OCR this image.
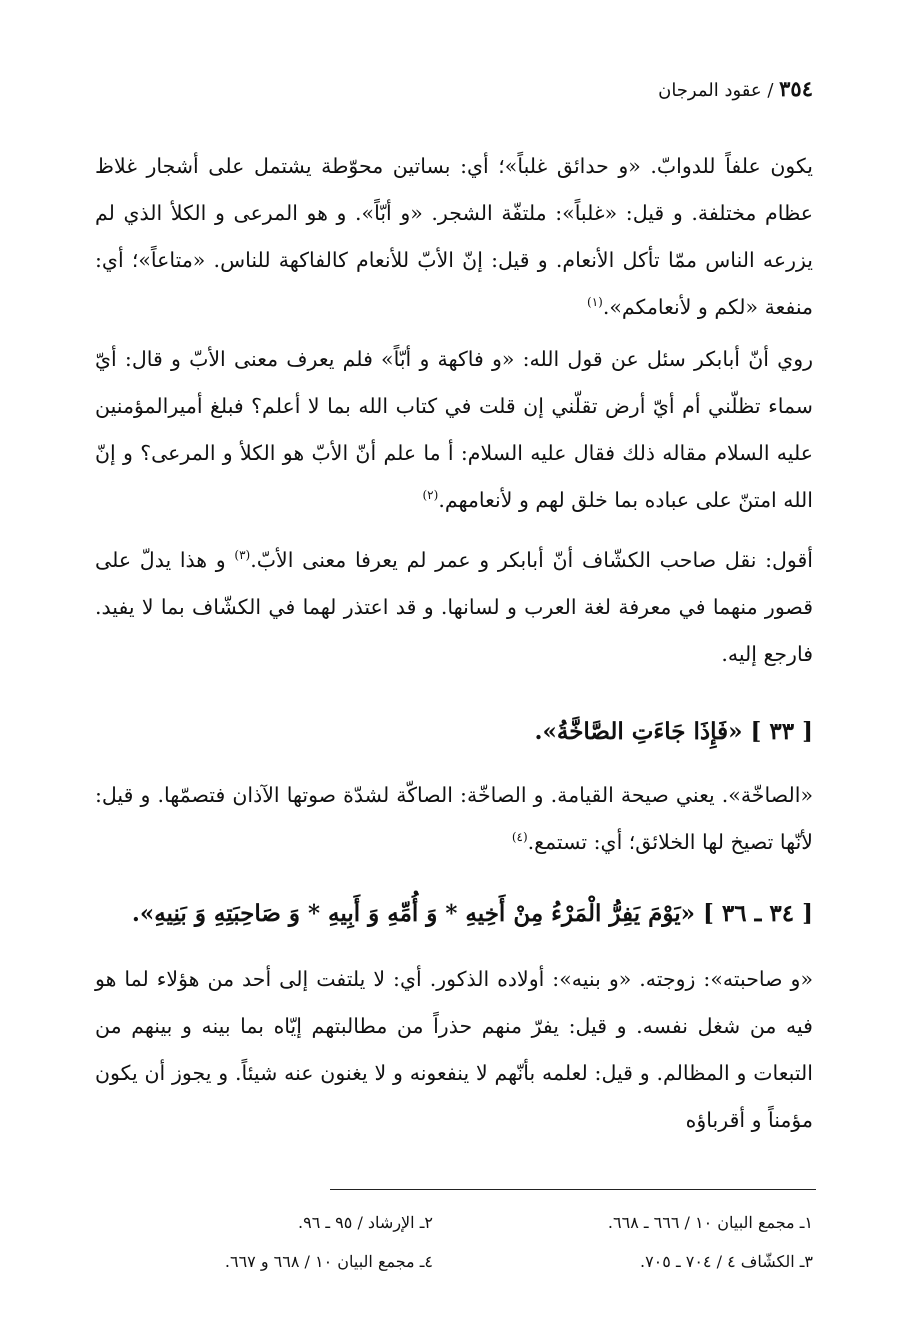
٣٥٤ / عقود المرجان
يكون علفاً للدوابّ. «و حدائق غلباً»؛ أي: بساتين محوّطة يشتمل على أشجار غلاظ عظام مختلفة. و قيل: «غلباً»: ملتفّة الشجر. «و أبّاً». و هو المرعى و الكلأ الذي لم يزرعه الناس ممّا تأكل الأنعام. و قيل: إنّ الأبّ للأنعام كالفاكهة للناس. «متاعاً»؛ أي: منفعة «لكم و لأنعامكم».$^{(١)}$
روي أنّ أبابكر سئل عن قول الله: «و فاكهة و أبّاً» فلم يعرف معنى الأبّ و قال: أيّ سماء تظلّني أم أيّ أرض تقلّني إن قلت في كتاب الله بما لا أعلم؟ فبلغ أميرالمؤمنين عليه السلام مقاله ذلك فقال عليه السلام: أ ما علم أنّ الأبّ هو الكلأ و المرعى؟ و إنّ الله امتنّ على عباده بما خلق لهم و لأنعامهم.$^{(٢)}$
أقول: نقل صاحب الكشّاف أنّ أبابكر و عمر لم يعرفا معنى الأبّ.$^{(٣)}$ و هذا يدلّ على قصور منهما في معرفة لغة العرب و لسانها. و قد اعتذر لهما في الكشّاف بما لا يفيد. فارجع إليه.
[ ٣٣ ] «فَإِذَا جَاءَتِ الصَّاخَّةُ».
«الصاخّة». يعني صيحة القيامة. و الصاخّة: الصاكّة لشدّة صوتها الآذان فتصمّها. و قيل: لأنّها تصيخ لها الخلائق؛ أي: تستمع.$^{(٤)}$
[ ٣٤ ـ ٣٦ ] «يَوْمَ يَفِرُّ الْمَرْءُ مِنْ أَخِيهِ * وَ أُمِّهِ وَ أَبِيهِ * وَ صَاحِبَتِهِ وَ بَنِيهِ».
«و صاحبته»: زوجته. «و بنيه»: أولاده الذكور. أي: لا يلتفت إلى أحد من هؤلاء لما هو فيه من شغل نفسه. و قيل: يفرّ منهم حذراً من مطالبتهم إيّاه بما بينه و بينهم من التبعات و المظالم. و قيل: لعلمه بأنّهم لا ينفعونه و لا يغنون عنه شيئاً. و يجوز أن يكون مؤمناً و أقرباؤه
١ـ مجمع البيان ١٠ / ٦٦٦ ـ ٦٦٨.
٢ـ الإرشاد / ٩٥ ـ ٩٦.
٣ـ الكشّاف ٤ / ٧٠٤ ـ ٧٠٥.
٤ـ مجمع البيان ١٠ / ٦٦٨ و ٦٦٧.
